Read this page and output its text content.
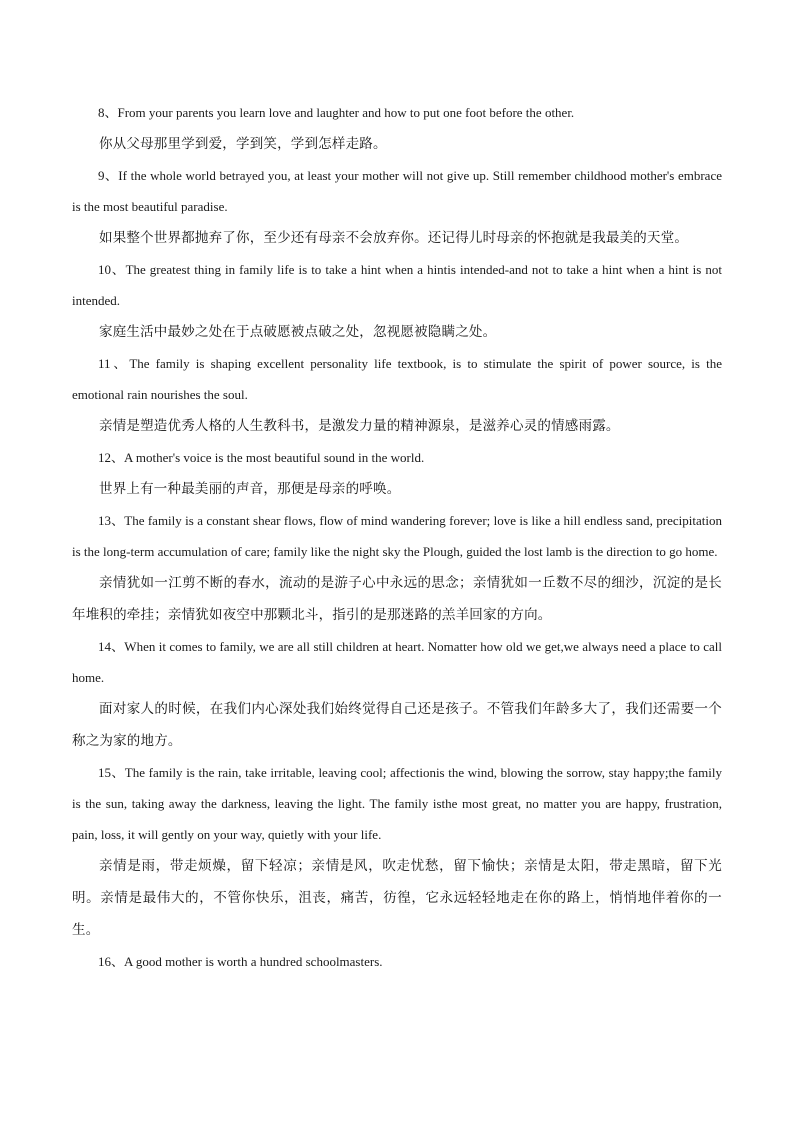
8、From your parents you learn love and laughter and how to put one foot before the other.

你从父母那里学到爱，学到笑，学到怎样走路。

9、If the whole world betrayed you, at least your mother will not give up. Still remember childhood mother's embrace is the most beautiful paradise.

如果整个世界都抛弃了你，至少还有母亲不会放弃你。还记得儿时母亲的怀抱就是我最美的天堂。

10、The greatest thing in family life is to take a hint when a hintis intended-and not to take a hint when a hint is not intended.

家庭生活中最妙之处在于点破愿被点破之处，忽视愿被隐瞒之处。

11、The family is shaping excellent personality life textbook, is to stimulate the spirit of power source, is the emotional rain nourishes the soul.

亲情是塑造优秀人格的人生教科书，是激发力量的精神源泉，是滋养心灵的情感雨露。

12、A mother's voice is the most beautiful sound in the world.

世界上有一种最美丽的声音，那便是母亲的呼唤。

13、The family is a constant shear flows, flow of mind wandering forever; love is like a hill endless sand, precipitation is the long-term accumulation of care; family like the night sky the Plough, guided the lost lamb is the direction to go home.

亲情犹如一江剪不断的春水，流动的是游子心中永远的思念；亲情犹如一丘数不尽的细沙，沉淀的是长年堆积的牵挂；亲情犹如夜空中那颗北斗，指引的是那迷路的羔羊回家的方向。

14、When it comes to family, we are all still children at heart. Nomatter how old we get,we always need a place to call home.

面对家人的时候，在我们内心深处我们始终觉得自己还是孩子。不管我们年龄多大了，我们还需要一个称之为家的地方。

15、The family is the rain, take irritable, leaving cool; affectionis the wind, blowing the sorrow, stay happy;the family is the sun, taking away the darkness, leaving the light. The family isthe most great, no matter you are happy, frustration, pain, loss, it will gently on your way, quietly with your life.

亲情是雨，带走烦燥，留下轻凉；亲情是风，吹走忧愁，留下愉快；亲情是太阳，带走黑暗，留下光明。亲情是最伟大的，不管你快乐，沮丧，痛苦，彷徨，它永远轻轻地走在你的路上，悄悄地伴着你的一生。

16、A good mother is worth a hundred schoolmasters.
